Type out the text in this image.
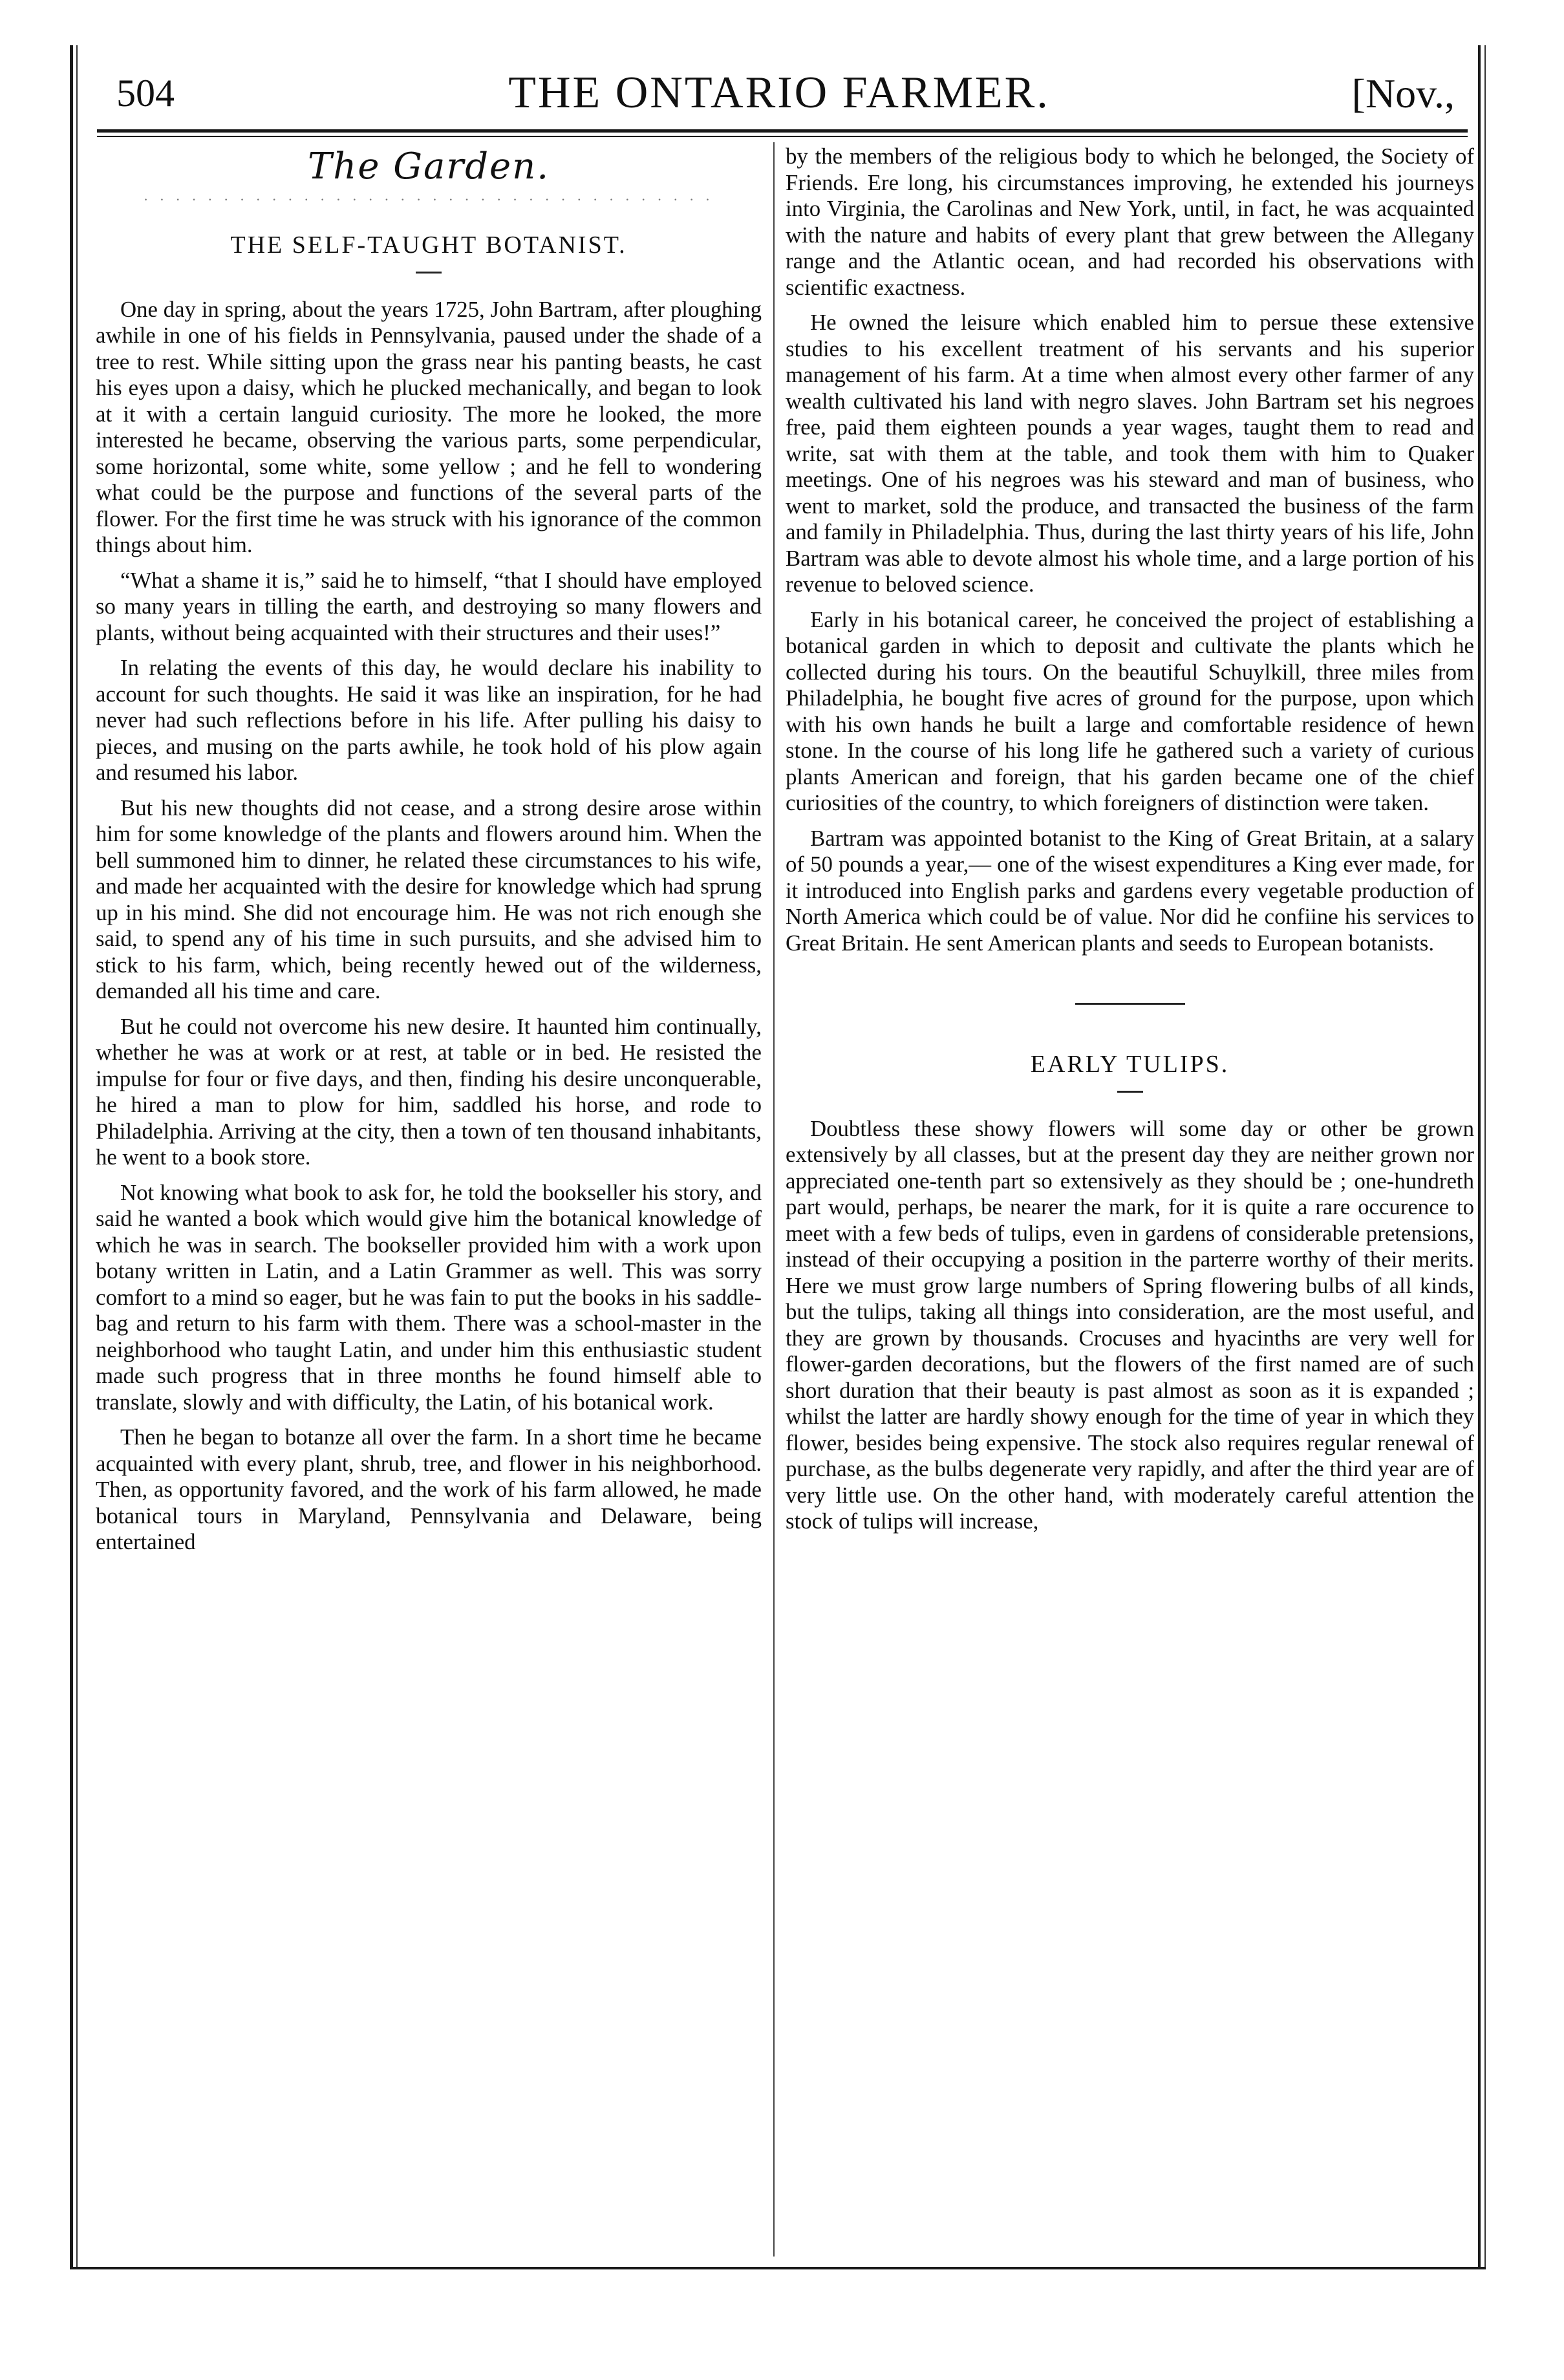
504	THE ONTARIO FARMER.	[Nov.,
The Garden.
· · · · · · · · · · · · · · · · · · · · · · · · · · · · · · · · · · · ·
THE SELF-TAUGHT BOTANIST.

One day in spring, about the years 1725, John Bartram, after ploughing awhile in one of his fields in Pennsylvania, paused under the shade of a tree to rest. While sitting upon the grass near his panting beasts, he cast his eyes upon a daisy, which he plucked mechanically, and began to look at it with a certain languid curiosity. The more he looked, the more interested he became, observing the various parts, some perpendicular, some horizontal, some white, some yellow ; and he fell to wondering what could be the purpose and functions of the several parts of the flower. For the first time he was struck with his ignorance of the common things about him.

“What a shame it is,” said he to himself, “that I should have employed so many years in tilling the earth, and destroying so many flowers and plants, without being acquainted with their structures and their uses!”

In relating the events of this day, he would declare his inability to account for such thoughts. He said it was like an inspiration, for he had never had such reflections before in his life. After pulling his daisy to pieces, and musing on the parts awhile, he took hold of his plow again and resumed his labor.

But his new thoughts did not cease, and a strong desire arose within him for some knowledge of the plants and flowers around him. When the bell summoned him to dinner, he related these circumstances to his wife, and made her acquainted with the desire for knowledge which had sprung up in his mind. She did not encourage him. He was not rich enough she said, to spend any of his time in such pursuits, and she advised him to stick to his farm, which, being recently hewed out of the wilderness, demanded all his time and care.

But he could not overcome his new desire. It haunted him continually, whether he was at work or at rest, at table or in bed. He resisted the impulse for four or five days, and then, finding his desire unconquerable, he hired a man to plow for him, saddled his horse, and rode to Philadelphia. Arriving at the city, then a town of ten thousand inhabitants, he went to a book store.

Not knowing what book to ask for, he told the bookseller his story, and said he wanted a book which would give him the botanical knowledge of which he was in search. The bookseller provided him with a work upon botany written in Latin, and a Latin Grammer as well. This was sorry comfort to a mind so eager, but he was fain to put the books in his saddle-bag and return to his farm with them. There was a school-master in the neighborhood who taught Latin, and under him this enthusiastic student made such progress that in three months he found himself able to translate, slowly and with difficulty, the Latin, of his botanical work.

Then he began to botanze all over the farm. In a short time he became acquainted with every plant, shrub, tree, and flower in his neighborhood. Then, as opportunity favored, and the work of his farm allowed, he made botanical tours in Maryland, Pennsylvania and Delaware, being entertained

by the members of the religious body to which he belonged, the Society of Friends. Ere long, his circumstances improving, he extended his journeys into Virginia, the Carolinas and New York, until, in fact, he was acquainted with the nature and habits of every plant that grew between the Allegany range and the Atlantic ocean, and had recorded his observations with scientific exactness.

He owned the leisure which enabled him to persue these extensive studies to his excellent treatment of his servants and his superior management of his farm. At a time when almost every other farmer of any wealth cultivated his land with negro slaves. John Bartram set his negroes free, paid them eighteen pounds a year wages, taught them to read and write, sat with them at the table, and took them with him to Quaker meetings. One of his negroes was his steward and man of business, who went to market, sold the produce, and transacted the business of the farm and family in Philadelphia. Thus, during the last thirty years of his life, John Bartram was able to devote almost his whole time, and a large portion of his revenue to beloved science.

Early in his botanical career, he conceived the project of establishing a botanical garden in which to deposit and cultivate the plants which he collected during his tours. On the beautiful Schuylkill, three miles from Philadelphia, he bought five acres of ground for the purpose, upon which with his own hands he built a large and comfortable residence of hewn stone. In the course of his long life he gathered such a variety of curious plants American and foreign, that his garden became one of the chief curiosities of the country, to which foreigners of distinction were taken.

Bartram was appointed botanist to the King of Great Britain, at a salary of 50 pounds a year,— one of the wisest expenditures a King ever made, for it introduced into English parks and gardens every vegetable production of North America which could be of value. Nor did he confiine his services to Great Britain. He sent American plants and seeds to European botanists.

EARLY TULIPS.

Doubtless these showy flowers will some day or other be grown extensively by all classes, but at the present day they are neither grown nor appreciated one-tenth part so extensively as they should be ; one-hundreth part would, perhaps, be nearer the mark, for it is quite a rare occurence to meet with a few beds of tulips, even in gardens of considerable pretensions, instead of their occupying a position in the parterre worthy of their merits. Here we must grow large numbers of Spring flowering bulbs of all kinds, but the tulips, taking all things into consideration, are the most useful, and they are grown by thousands. Crocuses and hyacinths are very well for flower-garden decorations, but the flowers of the first named are of such short duration that their beauty is past almost as soon as it is expanded ; whilst the latter are hardly showy enough for the time of year in which they flower, besides being expensive. The stock also requires regular renewal of purchase, as the bulbs degenerate very rapidly, and after the third year are of very little use. On the other hand, with moderately careful attention the stock of tulips will increase,
